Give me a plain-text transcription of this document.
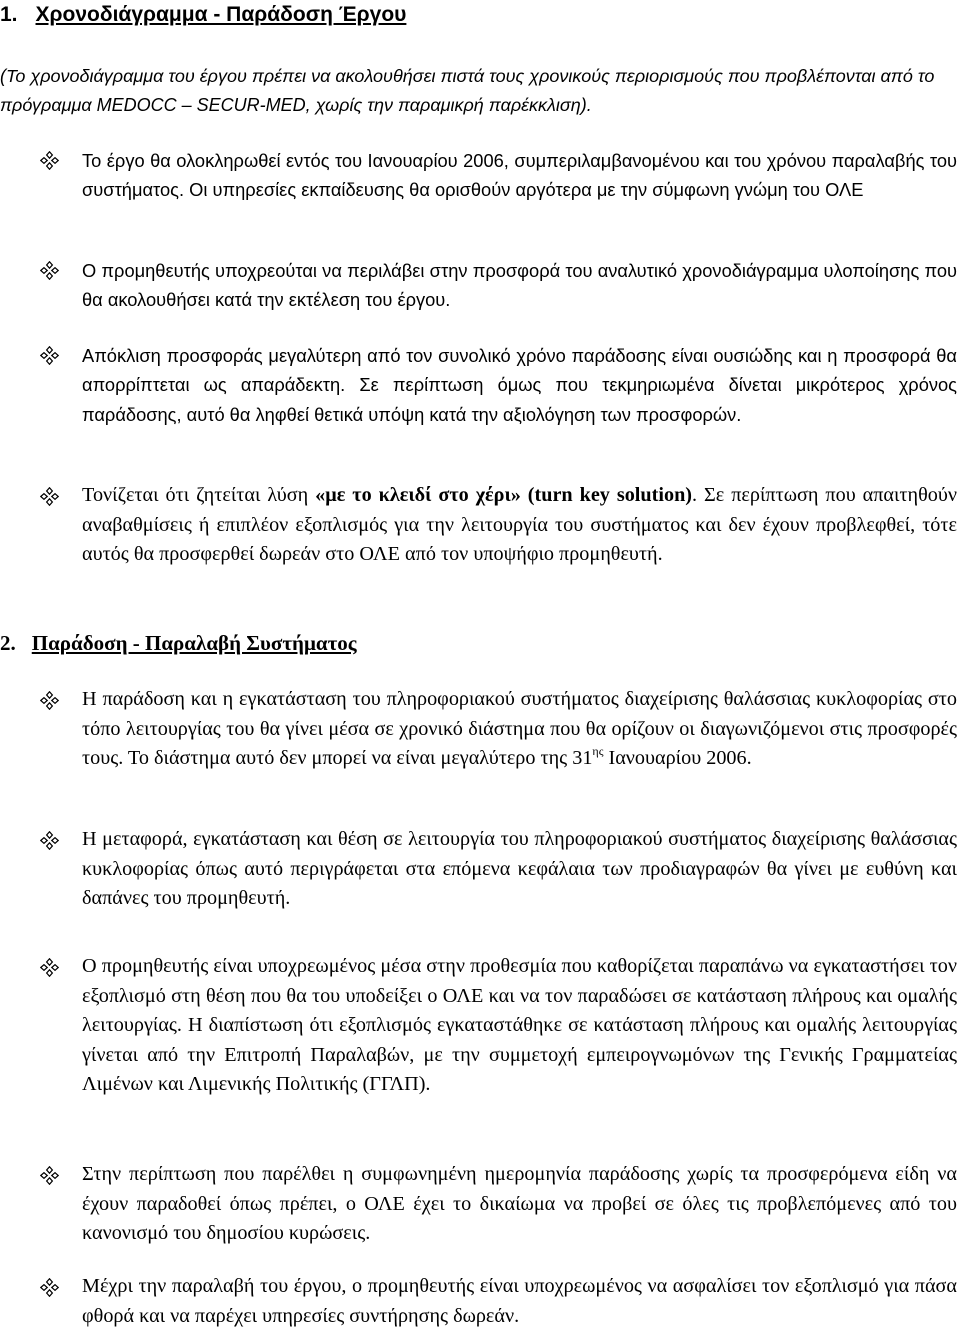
1. Χρονοδιάγραμμα - Παράδοση Έργου
(Το χρονοδιάγραμμα του έργου πρέπει να ακολουθήσει πιστά τους χρονικούς περιορισμούς που προβλέπονται από το πρόγραμμα MEDOCC – SECUR-MED, χωρίς την παραμικρή παρέκκλιση).
Το έργο θα ολοκληρωθεί εντός του Ιανουαρίου 2006, συμπεριλαμβανομένου και του χρόνου παραλαβής του συστήματος. Οι υπηρεσίες εκπαίδευσης θα ορισθούν αργότερα με την σύμφωνη γνώμη του ΟΛΕ
Ο προμηθευτής υποχρεούται να περιλάβει στην προσφορά του αναλυτικό χρονοδιάγραμμα υλοποίησης που θα ακολουθήσει κατά την εκτέλεση του έργου.
Απόκλιση προσφοράς μεγαλύτερη από τον συνολικό χρόνο παράδοσης είναι ουσιώδης και η προσφορά θα απορρίπτεται ως απαράδεκτη. Σε περίπτωση όμως που τεκμηριωμένα δίνεται μικρότερος χρόνος παράδοσης, αυτό θα ληφθεί θετικά υπόψη κατά την αξιολόγηση των προσφορών.
Τονίζεται ότι ζητείται λύση «με το κλειδί στο χέρι» (turn key solution). Σε περίπτωση που απαιτηθούν αναβαθμίσεις ή επιπλέον εξοπλισμός για την λειτουργία του συστήματος και δεν έχουν προβλεφθεί, τότε αυτός θα προσφερθεί δωρεάν στο ΟΛΕ από τον υποψήφιο προμηθευτή.
2. Παράδοση - Παραλαβή Συστήματος
Η παράδοση και η εγκατάσταση του πληροφοριακού συστήματος διαχείρισης θαλάσσιας κυκλοφορίας στο τόπο λειτουργίας του θα γίνει μέσα σε χρονικό διάστημα που θα ορίζουν οι διαγωνιζόμενοι στις προσφορές τους. Το διάστημα αυτό δεν μπορεί να είναι μεγαλύτερο της $31^{\eta\varsigma}$ Ιανουαρίου 2006.
Η μεταφορά, εγκατάσταση και θέση σε λειτουργία του πληροφοριακού συστήματος διαχείρισης θαλάσσιας κυκλοφορίας όπως αυτό περιγράφεται στα επόμενα κεφάλαια των προδιαγραφών θα γίνει με ευθύνη και δαπάνες του προμηθευτή.
Ο προμηθευτής είναι υποχρεωμένος μέσα στην προθεσμία που καθορίζεται παραπάνω να εγκαταστήσει τον εξοπλισμό στη θέση που θα του υποδείξει ο ΟΛΕ και να τον παραδώσει σε κατάσταση πλήρους και ομαλής λειτουργίας. Η διαπίστωση ότι εξοπλισμός εγκαταστάθηκε σε κατάσταση πλήρους και ομαλής λειτουργίας γίνεται από την Επιτροπή Παραλαβών, με την συμμετοχή εμπειρογνωμόνων της Γενικής Γραμματείας Λιμένων και Λιμενικής Πολιτικής (ΓΓΛΠ).
Στην περίπτωση που παρέλθει η συμφωνημένη ημερομηνία παράδοσης χωρίς τα προσφερόμενα είδη να έχουν παραδοθεί όπως πρέπει, ο ΟΛΕ έχει το δικαίωμα να προβεί σε όλες τις προβλεπόμενες από του κανονισμό του δημοσίου κυρώσεις.
Μέχρι την παραλαβή του έργου, ο προμηθευτής είναι υποχρεωμένος να ασφαλίσει τον εξοπλισμό για πάσα φθορά και να παρέχει υπηρεσίες συντήρησης δωρεάν.
